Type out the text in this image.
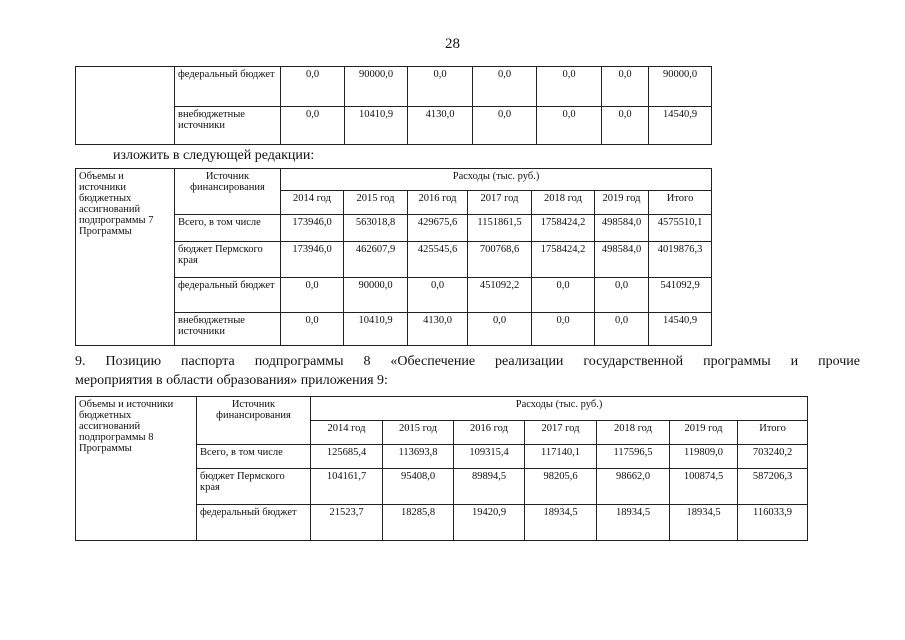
28
	федеральный бюджет	0,0	90000,0	0,0	0,0	0,0	0,0	90000,0
	внебюджетные источники	0,0	10410,9	4130,0	0,0	0,0	0,0	14540,9
изложить в следующей редакции:
Объемы и источники бюджетных ассигнований подпрограммы 7 Программы	Источник финансирования	Расходы (тыс. руб.)						
		2014 год	2015 год	2016 год	2017 год	2018 год	2019 год	Итого
	Всего, в том числе	173946,0	563018,8	429675,6	1151861,5	1758424,2	498584,0	4575510,1
	бюджет Пермского края	173946,0	462607,9	425545,6	700768,6	1758424,2	498584,0	4019876,3
	федеральный бюджет	0,0	90000,0	0,0	451092,2	0,0	0,0	541092,9
	внебюджетные источники	0,0	10410,9	4130,0	0,0	0,0	0,0	14540,9
9. Позицию паспорта подпрограммы 8 «Обеспечение реализации государственной программы и прочие
мероприятия в области образования» приложения 9:
Объемы и источники бюджетных ассигнований подпрограммы 8 Программы	Источник финансирования	Расходы (тыс. руб.)						
		2014 год	2015 год	2016 год	2017 год	2018 год	2019 год	Итого
	Всего, в том числе	125685,4	113693,8	109315,4	117140,1	117596,5	119809,0	703240,2
	бюджет Пермского края	104161,7	95408,0	89894,5	98205,6	98662,0	100874,5	587206,3
	федеральный бюджет	21523,7	18285,8	19420,9	18934,5	18934,5	18934,5	116033,9
